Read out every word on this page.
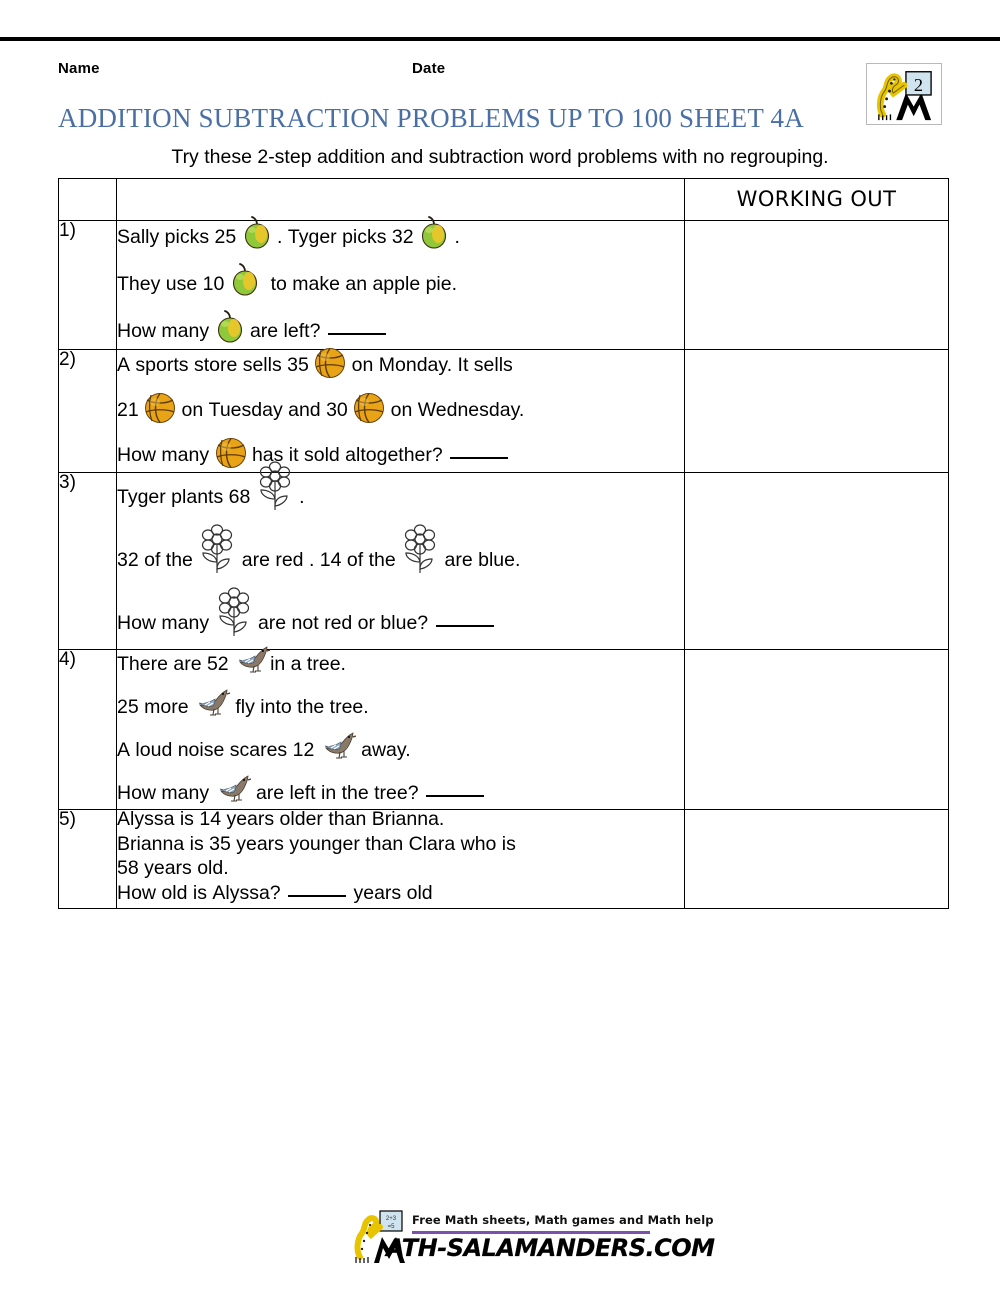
Name	Date
2
ADDITION SUBTRACTION PROBLEMS UP TO 100 SHEET 4A
Try these 2-step addition and subtraction word problems with no regrouping.
		WORKING OUT
1)	Sally picks 25
. Tyger picks 32
.
They use 10
to make an apple pie.
How many
are left?

2)	A sports store sells 35
on Monday. It sells
21
on Tuesday and 30
on Wednesday.
How many
has it sold altogether?

3)	
Tyger plants 68
.
32 of the
are red . 14 of the
are blue.
How many
are not red or blue?

4)	There are 52
in a tree.
25 more
fly into the tree.
A loud noise scares 12
away.
How many
are left in the tree?

5)	Alyssa is 14 years older than Brianna.
Brianna is 35 years younger than Clara who is
58 years old.
How old is Alyssa? years old	

2+3
=5 Free Math sheets, Math games and Math help
ATH-SALAMANDERS.COM
